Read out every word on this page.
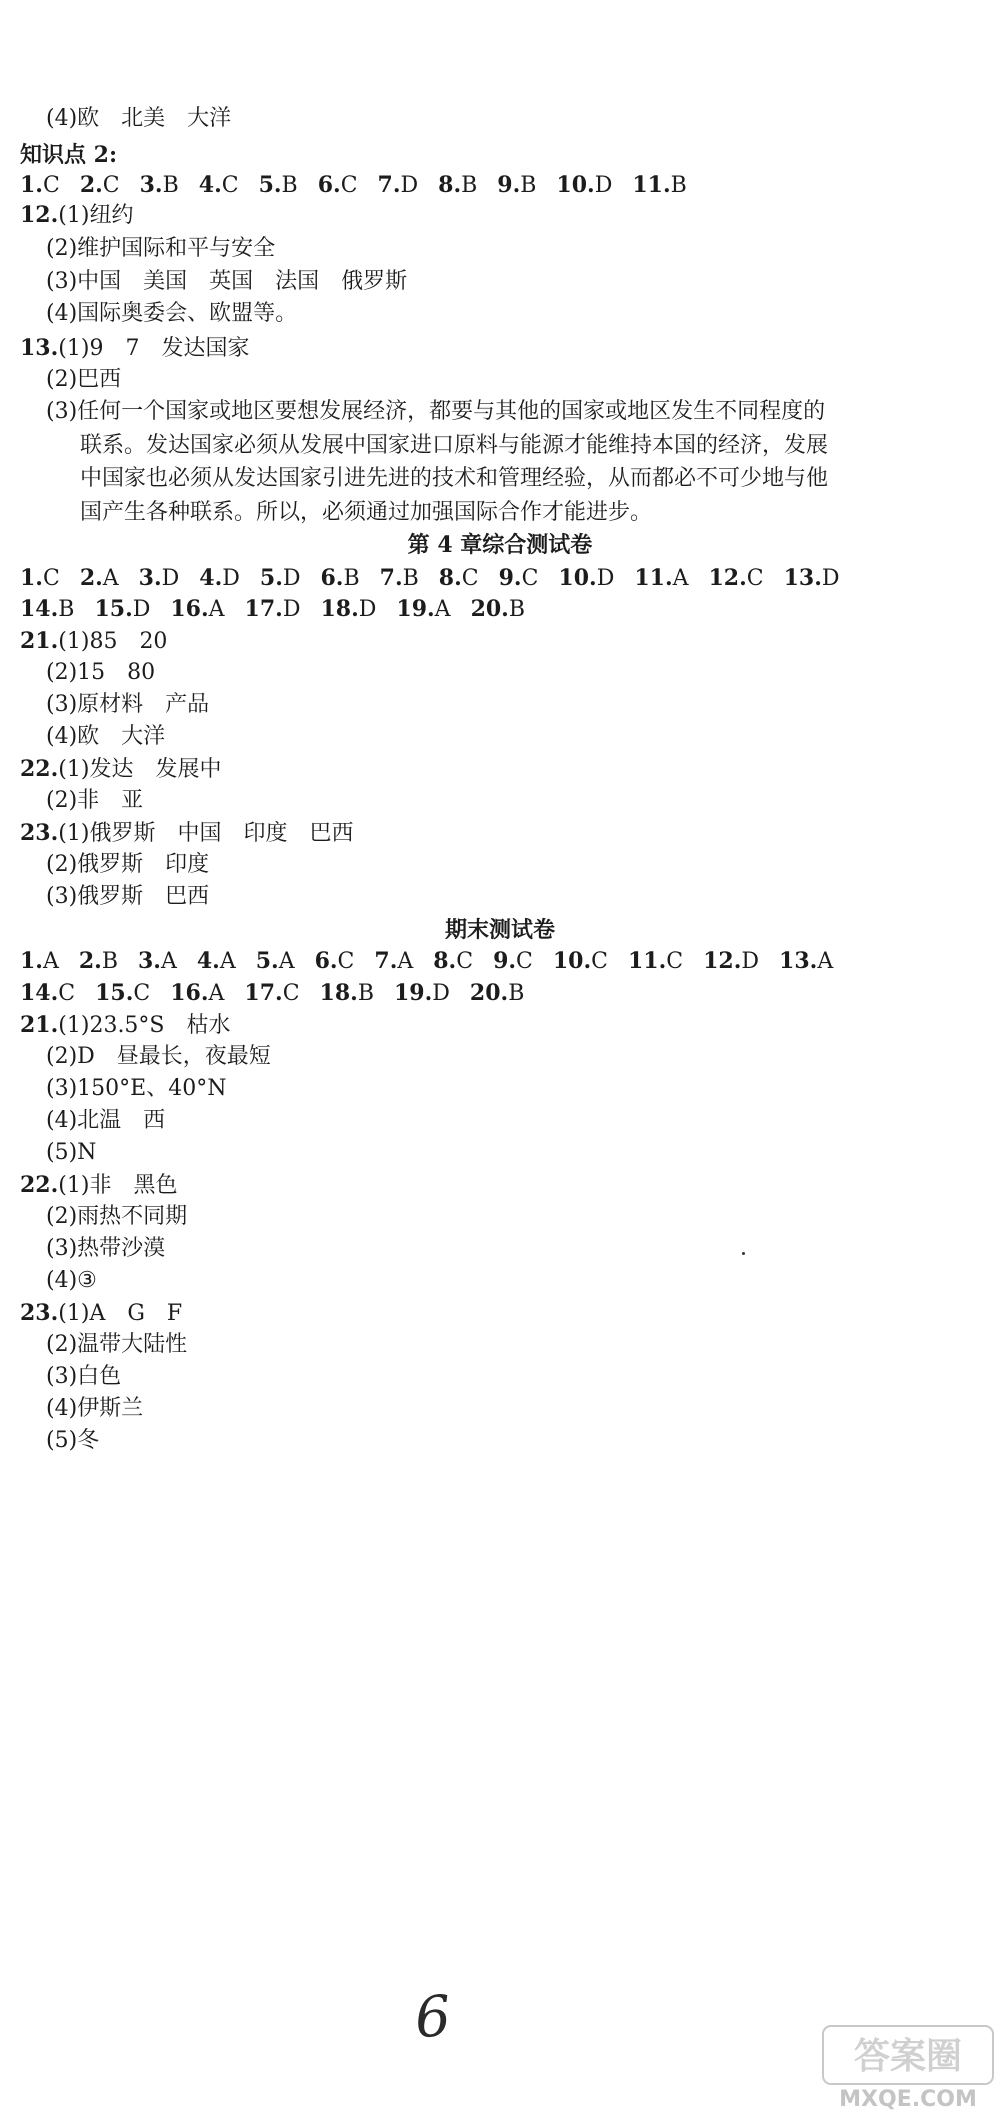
(4)欧　北美　大洋
知识点 2:
1.C 2.C 3.B 4.C 5.B 6.C 7.D 8.B 9.B 10.D 11.B
12.(1)纽约
(2)维护国际和平与安全
(3)中国　美国　英国　法国　俄罗斯
(4)国际奥委会、欧盟等。
13.(1)9　7　发达国家
(2)巴西
(3)任何一个国家或地区要想发展经济，都要与其他的国家或地区发生不同程度的
联系。发达国家必须从发展中国家进口原料与能源才能维持本国的经济，发展
中国家也必须从发达国家引进先进的技术和管理经验，从而都必不可少地与他
国产生各种联系。所以，必须通过加强国际合作才能进步。
第 4 章综合测试卷
1.C 2.A 3.D 4.D 5.D 6.B 7.B 8.C 9.C 10.D 11.A 12.C 13.D
14.B 15.D 16.A 17.D 18.D 19.A 20.B
21.(1)85　20
(2)15　80
(3)原材料　产品
(4)欧　大洋
22.(1)发达　发展中
(2)非　亚
23.(1)俄罗斯　中国　印度　巴西
(2)俄罗斯　印度
(3)俄罗斯　巴西
期末测试卷
1.A 2.B 3.A 4.A 5.A 6.C 7.A 8.C 9.C 10.C 11.C 12.D 13.A
14.C 15.C 16.A 17.C 18.B 19.D 20.B
21.(1)23.5°S　枯水
(2)D　昼最长，夜最短
(3)150°E、40°N
(4)北温　西
(5)N
22.(1)非　黑色
(2)雨热不同期
(3)热带沙漠
(4)③
23.(1)A　G　F
(2)温带大陆性
(3)白色
(4)伊斯兰
(5)冬
6
答案圈
MXQE.COM
